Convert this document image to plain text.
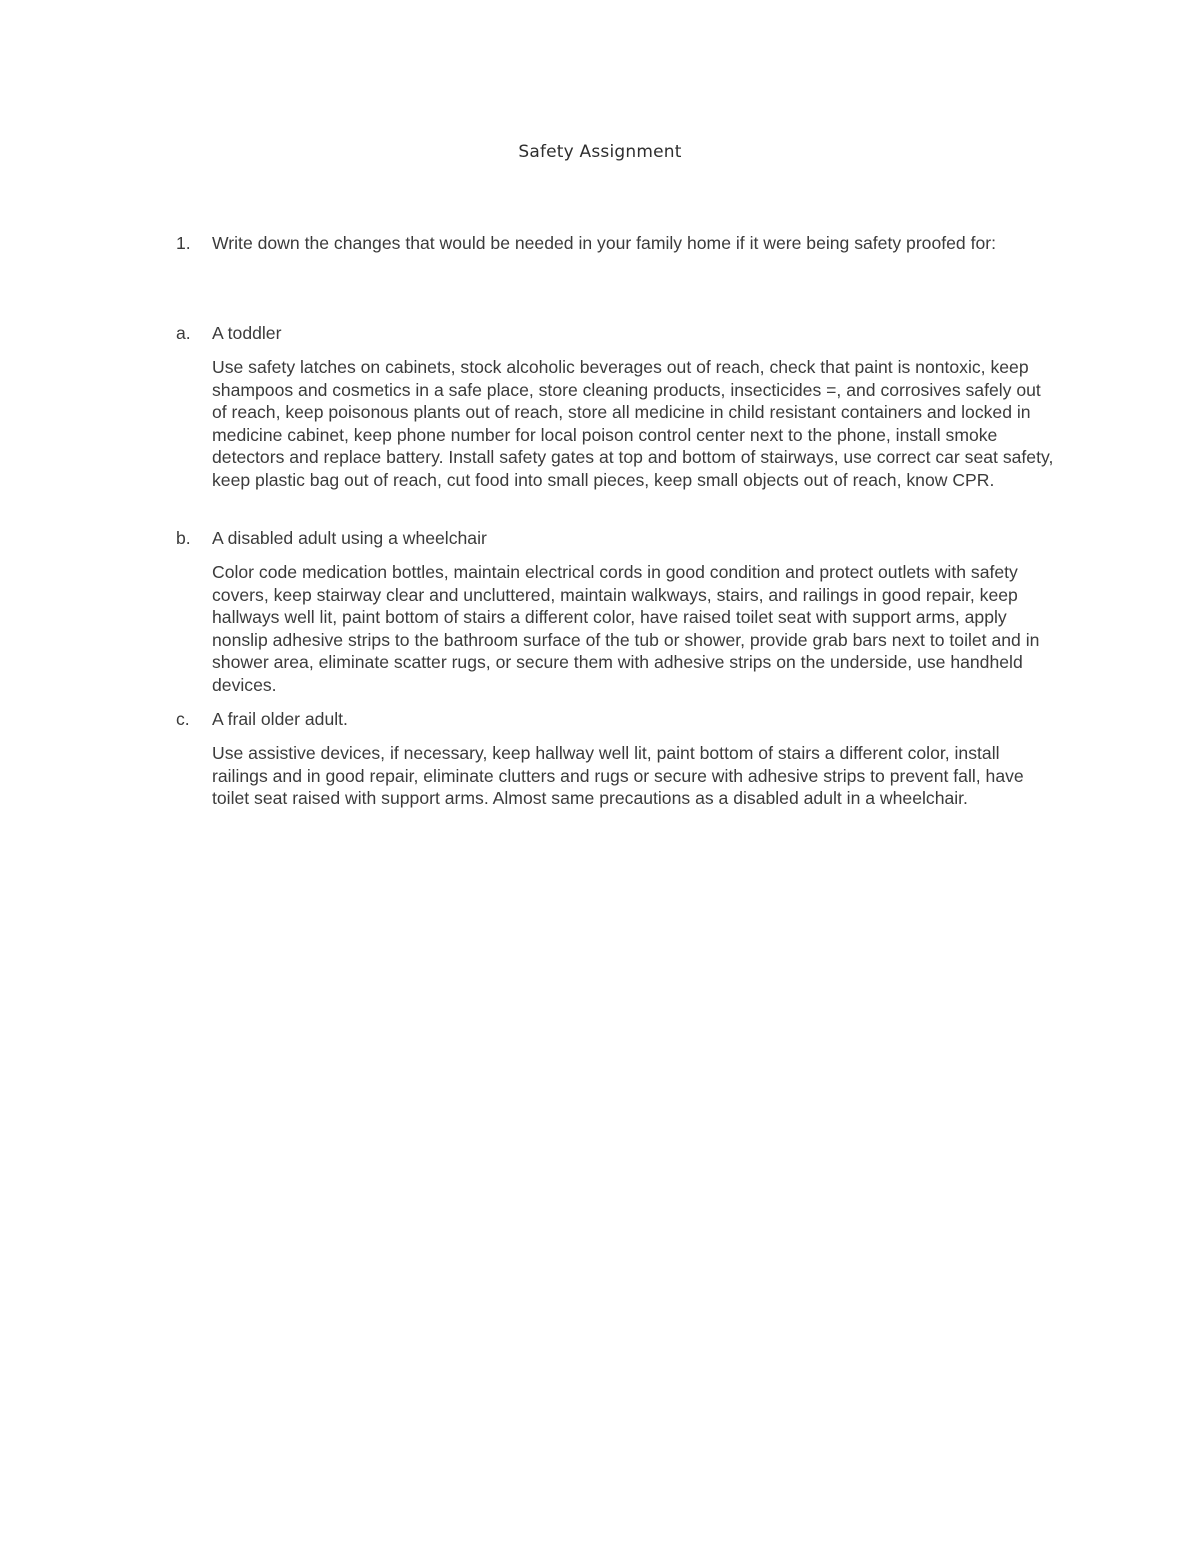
Safety Assignment
1. Write down the changes that would be needed in your family home if it were being safety proofed for:
a. A toddler
Use safety latches on cabinets, stock alcoholic beverages out of reach, check that paint is nontoxic, keep shampoos and cosmetics in a safe place, store cleaning products, insecticides =, and corrosives safely out of reach, keep poisonous plants out of reach, store all medicine in child resistant containers and locked in medicine cabinet, keep phone number for local poison control center next to the phone, install smoke detectors and replace battery. Install safety gates at top and bottom of stairways, use correct car seat safety, keep plastic bag out of reach, cut food into small pieces, keep small objects out of reach, know CPR.
b. A disabled adult using a wheelchair
Color code medication bottles, maintain electrical cords in good condition and protect outlets with safety covers, keep stairway clear and uncluttered, maintain walkways, stairs, and railings in good repair, keep hallways well lit, paint bottom of stairs a different color, have raised toilet seat with support arms, apply nonslip adhesive strips to the bathroom surface of the tub or shower, provide grab bars next to toilet and in shower area, eliminate scatter rugs, or secure them with adhesive strips on the underside, use handheld devices.
c. A frail older adult.
Use assistive devices, if necessary, keep hallway well lit, paint bottom of stairs a different color, install railings and in good repair, eliminate clutters and rugs or secure with adhesive strips to prevent fall, have toilet seat raised with support arms. Almost same precautions as a disabled adult in a wheelchair.
